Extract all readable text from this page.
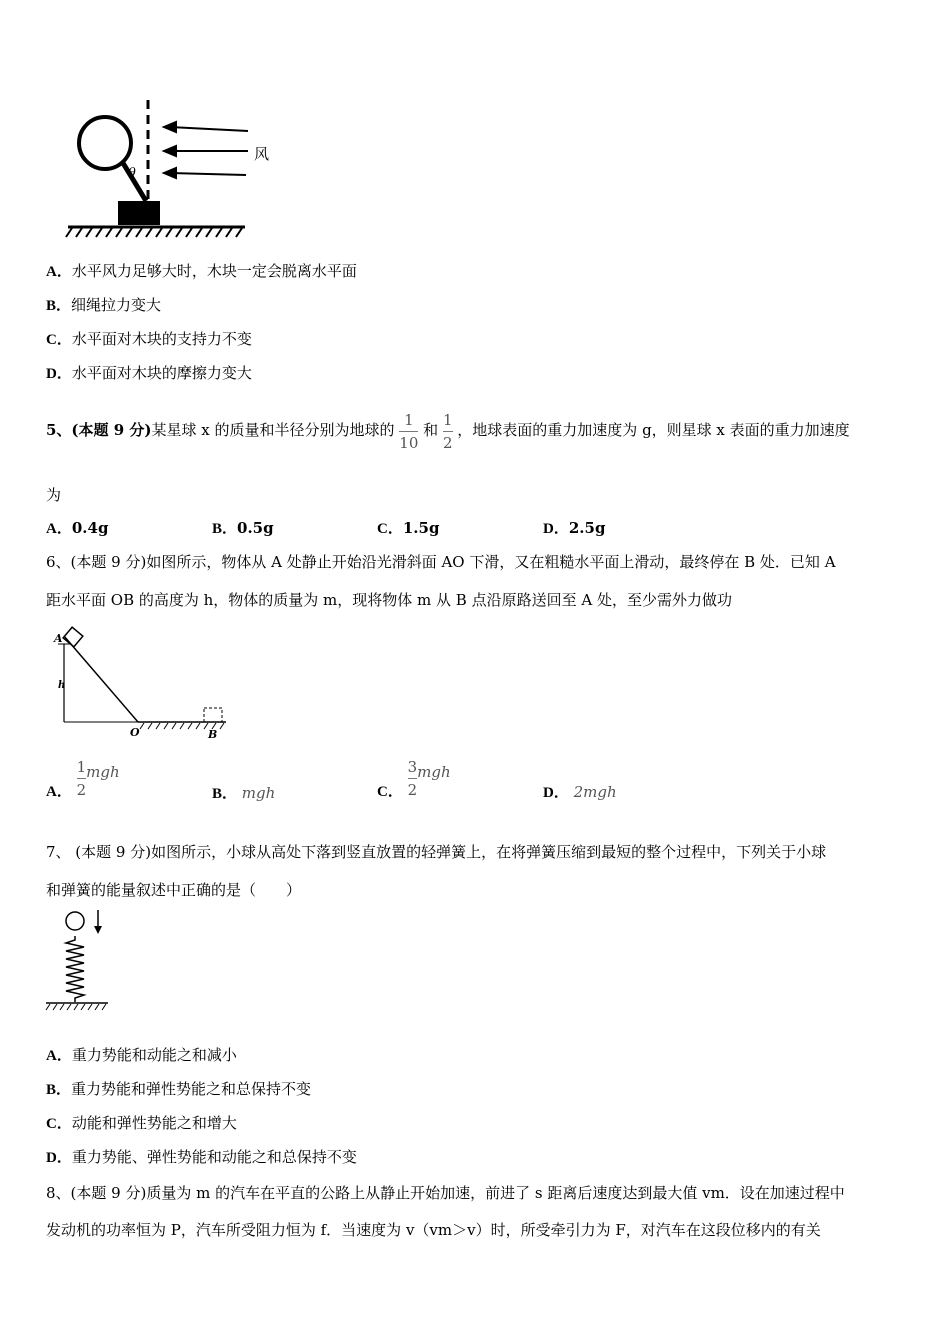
风
θ
A．水平风力足够大时，木块一定会脱离水平面
B．细绳拉力变大
C．水平面对木块的支持力不变
D．水平面对木块的摩擦力变大
5、(本题 9 分)某星球 x 的质量和半径分别为地球的 $\frac{1}{10}$ 和 $\frac{1}{2}$ ，地球表面的重力加速度为 g，则星球 x 表面的重力加速度
为
A．0.4g	B．0.5g	C．1.5g	D．2.5g
6、(本题 9 分)如图所示，物体从 A 处静止开始沿光滑斜面 AO 下滑，又在粗糙水平面上滑动，最终停在 B 处．已知 A
距水平面 OB 的高度为 h，物体的质量为 m，现将物体 m 从 B 点沿原路送回至 A 处，至少需外力做功
A
h
O	B
A． $\frac{1}{2}$ mgh
B． mgh	C． $\frac{3}{2}$ mgh
D． 2mgh
7、 (本题 9 分)如图所示，小球从高处下落到竖直放置的轻弹簧上，在将弹簧压缩到最短的整个过程中，下列关于小球
和弹簧的能量叙述中正确的是（　　）
A．重力势能和动能之和减小
B．重力势能和弹性势能之和总保持不变
C．动能和弹性势能之和增大
D．重力势能、弹性势能和动能之和总保持不变
8、(本题 9 分)质量为 m 的汽车在平直的公路上从静止开始加速，前进了 s 距离后速度达到最大值 vm．设在加速过程中
发动机的功率恒为 P，汽车所受阻力恒为 f．当速度为 v（vm＞v）时，所受牵引力为 F，对汽车在这段位移内的有关
